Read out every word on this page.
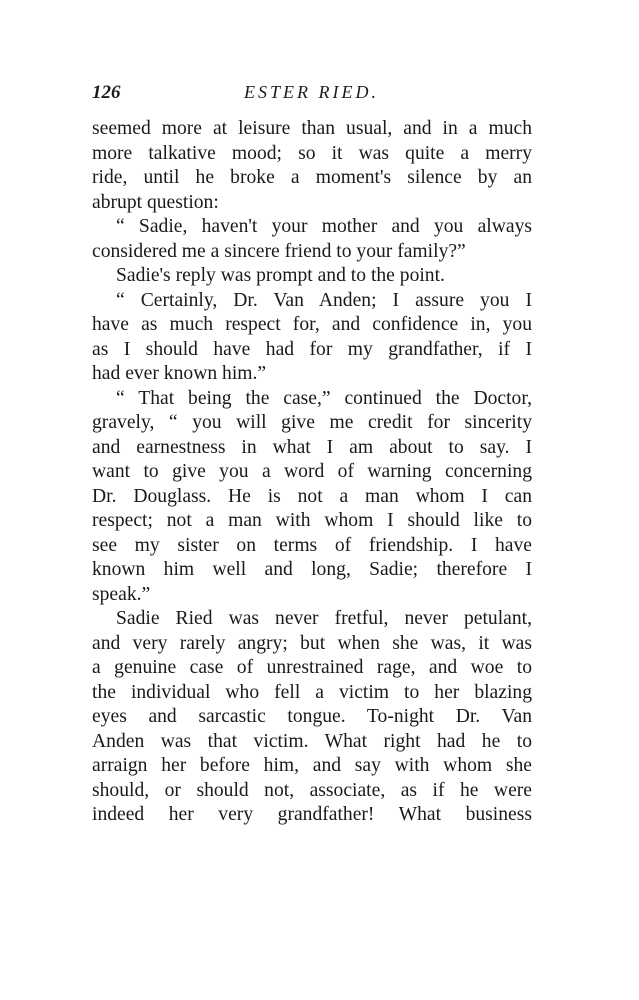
126	ESTER RIED.
seemed more at leisure than usual, and in a much
more talkative mood; so it was quite a merry
ride, until he broke a moment's silence by an
abrupt question:
“ Sadie, haven't your mother and you always
considered me a sincere friend to your family?”
Sadie's reply was prompt and to the point.
“ Certainly, Dr. Van Anden; I assure you I
have as much respect for, and confidence in, you
as I should have had for my grandfather, if I
had ever known him.”
“ That being the case,” continued the Doctor,
gravely, “ you will give me credit for sincerity
and earnestness in what I am about to say. I
want to give you a word of warning concerning
Dr. Douglass. He is not a man whom I can
respect; not a man with whom I should like to
see my sister on terms of friendship. I have
known him well and long, Sadie; therefore I
speak.”
Sadie Ried was never fretful, never petulant,
and very rarely angry; but when she was, it was
a genuine case of unrestrained rage, and woe to
the individual who fell a victim to her blazing
eyes and sarcastic tongue. To-night Dr. Van
Anden was that victim. What right had he to
arraign her before him, and say with whom she
should, or should not, associate, as if he were
indeed her very grandfather! What business
